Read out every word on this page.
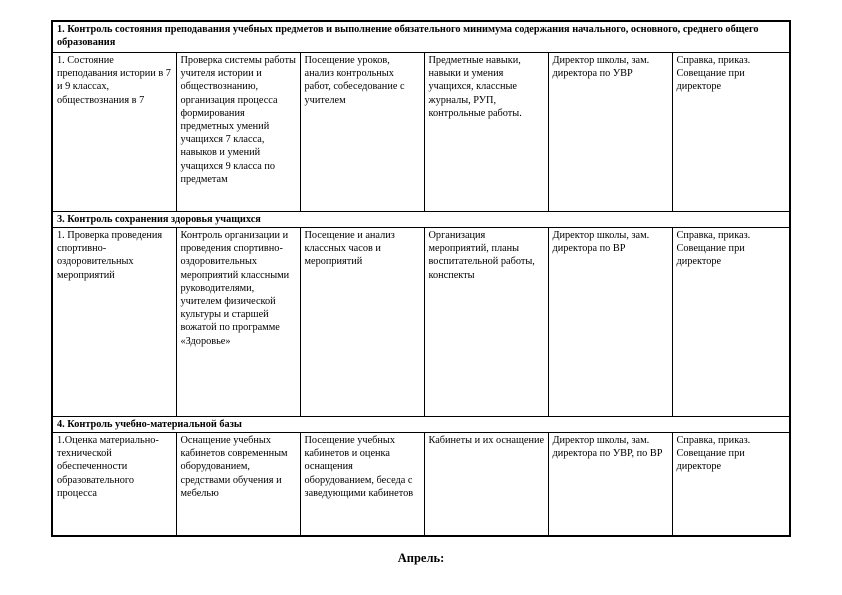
1. Контроль состояния преподавания учебных предметов и выполнение обязательного минимума содержания начального, основного, среднего общего образования					
1. Состояние преподавания истории в 7 и 9 классах, обществознания в 7	Проверка системы работы учителя истории и обществознанию, организация процесса формирования предметных умений учащихся 7 класса, навыков и умений учащихся 9 класса по предметам	Посещение уроков, анализ контрольных работ, собеседование с учителем	Предметные навыки, навыки и умения учащихся, классные журналы, РУП, контрольные работы.	Директор школы, зам. директора по УВР	Справка, приказ. Совещание при директоре
3. Контроль сохранения здоровья учащихся					
1. Проверка проведения спортивно-оздоровительных мероприятий	Контроль организации и проведения спортивно-оздоровительных мероприятий классными руководителями, учителем физической культуры и старшей вожатой по программе «Здоровье»	Посещение и анализ классных часов и мероприятий	Организация мероприятий, планы воспитательной работы, конспекты	Директор школы, зам. директора по ВР	Справка, приказ. Совещание при директоре
4. Контроль учебно-материальной базы					
1.Оценка материально-технической обеспеченности образовательного процесса	Оснащение учебных кабинетов современным оборудованием, средствами обучения и мебелью	Посещение учебных кабинетов и оценка оснащения оборудованием, беседа с заведующими кабинетов	Кабинеты и их оснащение	Директор школы, зам. директора по УВР, по ВР	Справка, приказ. Совещание при директоре
Апрель:
